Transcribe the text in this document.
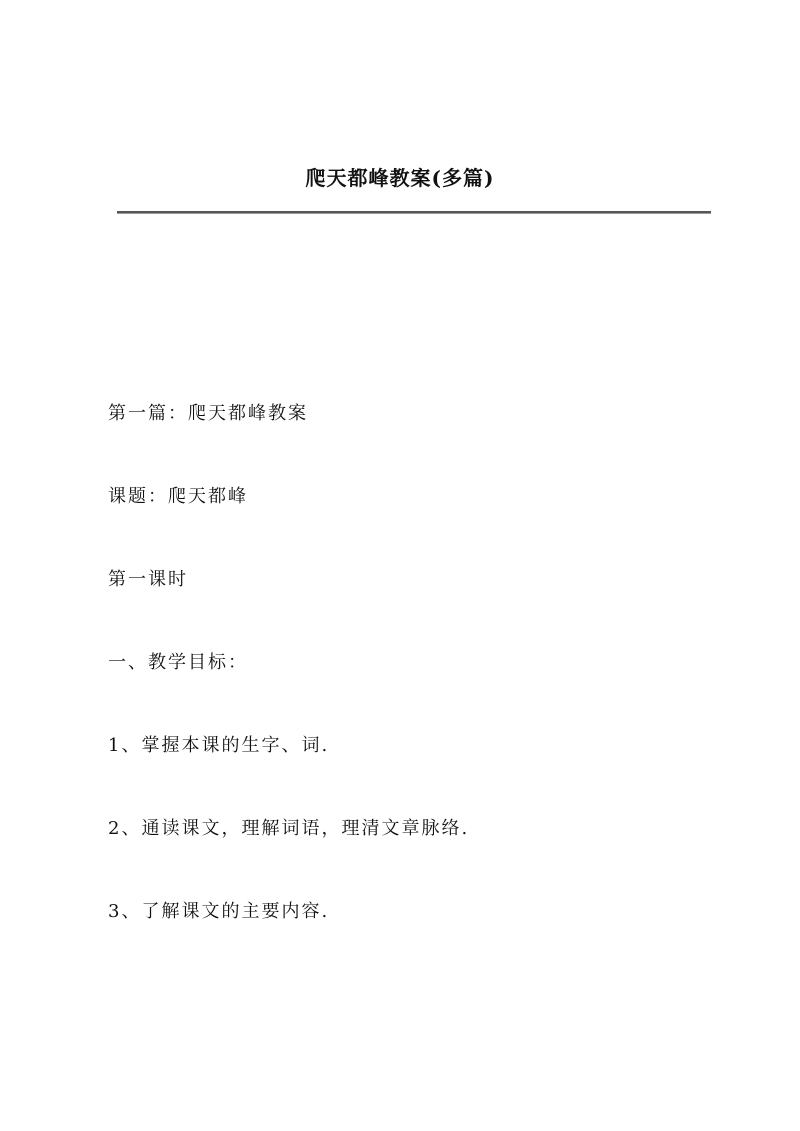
爬天都峰教案(多篇)
第一篇：爬天都峰教案
课题：爬天都峰
第一课时
一、教学目标：
1、掌握本课的生字、词.
2、通读课文，理解词语，理清文章脉络.
3、了解课文的主要内容.
